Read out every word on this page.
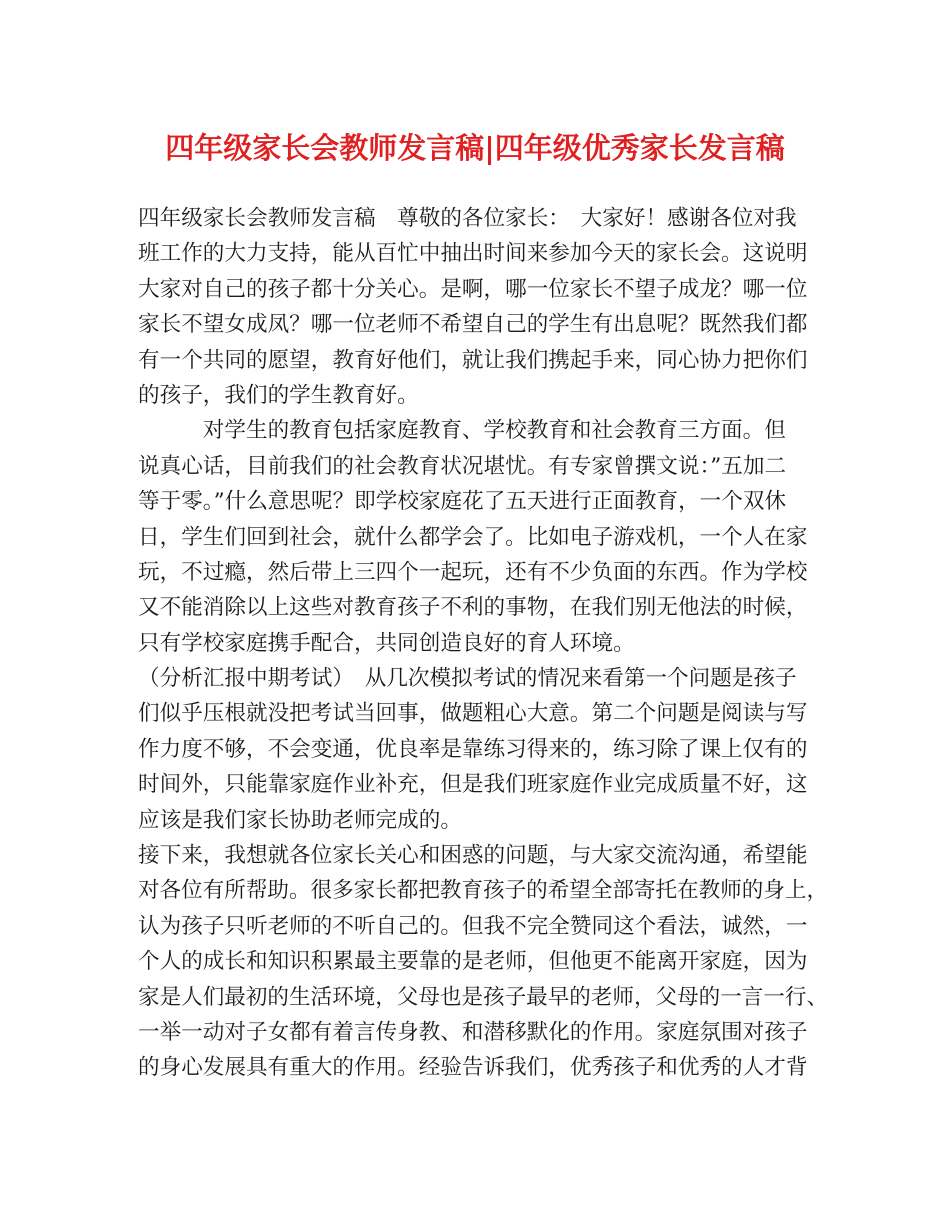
四年级家长会教师发言稿|四年级优秀家长发言稿
四年级家长会教师发言稿　尊敬的各位家长：　大家好！感谢各位对我
班工作的大力支持，能从百忙中抽出时间来参加今天的家长会。这说明
大家对自己的孩子都十分关心。是啊，哪一位家长不望子成龙？哪一位
家长不望女成凤？哪一位老师不希望自己的学生有出息呢？既然我们都
有一个共同的愿望，教育好他们，就让我们携起手来，同心协力把你们
的孩子，我们的学生教育好。
　　　对学生的教育包括家庭教育、学校教育和社会教育三方面。但
说真心话，目前我们的社会教育状况堪忧。有专家曾撰文说：”五加二
等于零。”什么意思呢？即学校家庭花了五天进行正面教育，一个双休
日，学生们回到社会，就什么都学会了。比如电子游戏机，一个人在家
玩，不过瘾，然后带上三四个一起玩，还有不少负面的东西。作为学校
又不能消除以上这些对教育孩子不利的事物，在我们别无他法的时候，
只有学校家庭携手配合，共同创造良好的育人环境。
（分析汇报中期考试）　从几次模拟考试的情况来看第一个问题是孩子
们似乎压根就没把考试当回事，做题粗心大意。第二个问题是阅读与写
作力度不够，不会变通，优良率是靠练习得来的，练习除了课上仅有的
时间外，只能靠家庭作业补充，但是我们班家庭作业完成质量不好，这
应该是我们家长协助老师完成的。
接下来，我想就各位家长关心和困惑的问题，与大家交流沟通，希望能
对各位有所帮助。很多家长都把教育孩子的希望全部寄托在教师的身上，
认为孩子只听老师的不听自己的。但我不完全赞同这个看法，诚然，一
个人的成长和知识积累最主要靠的是老师，但他更不能离开家庭，因为
家是人们最初的生活环境，父母也是孩子最早的老师，父母的一言一行、
一举一动对子女都有着言传身教、和潜移默化的作用。家庭氛围对孩子
的身心发展具有重大的作用。经验告诉我们，优秀孩子和优秀的人才背
